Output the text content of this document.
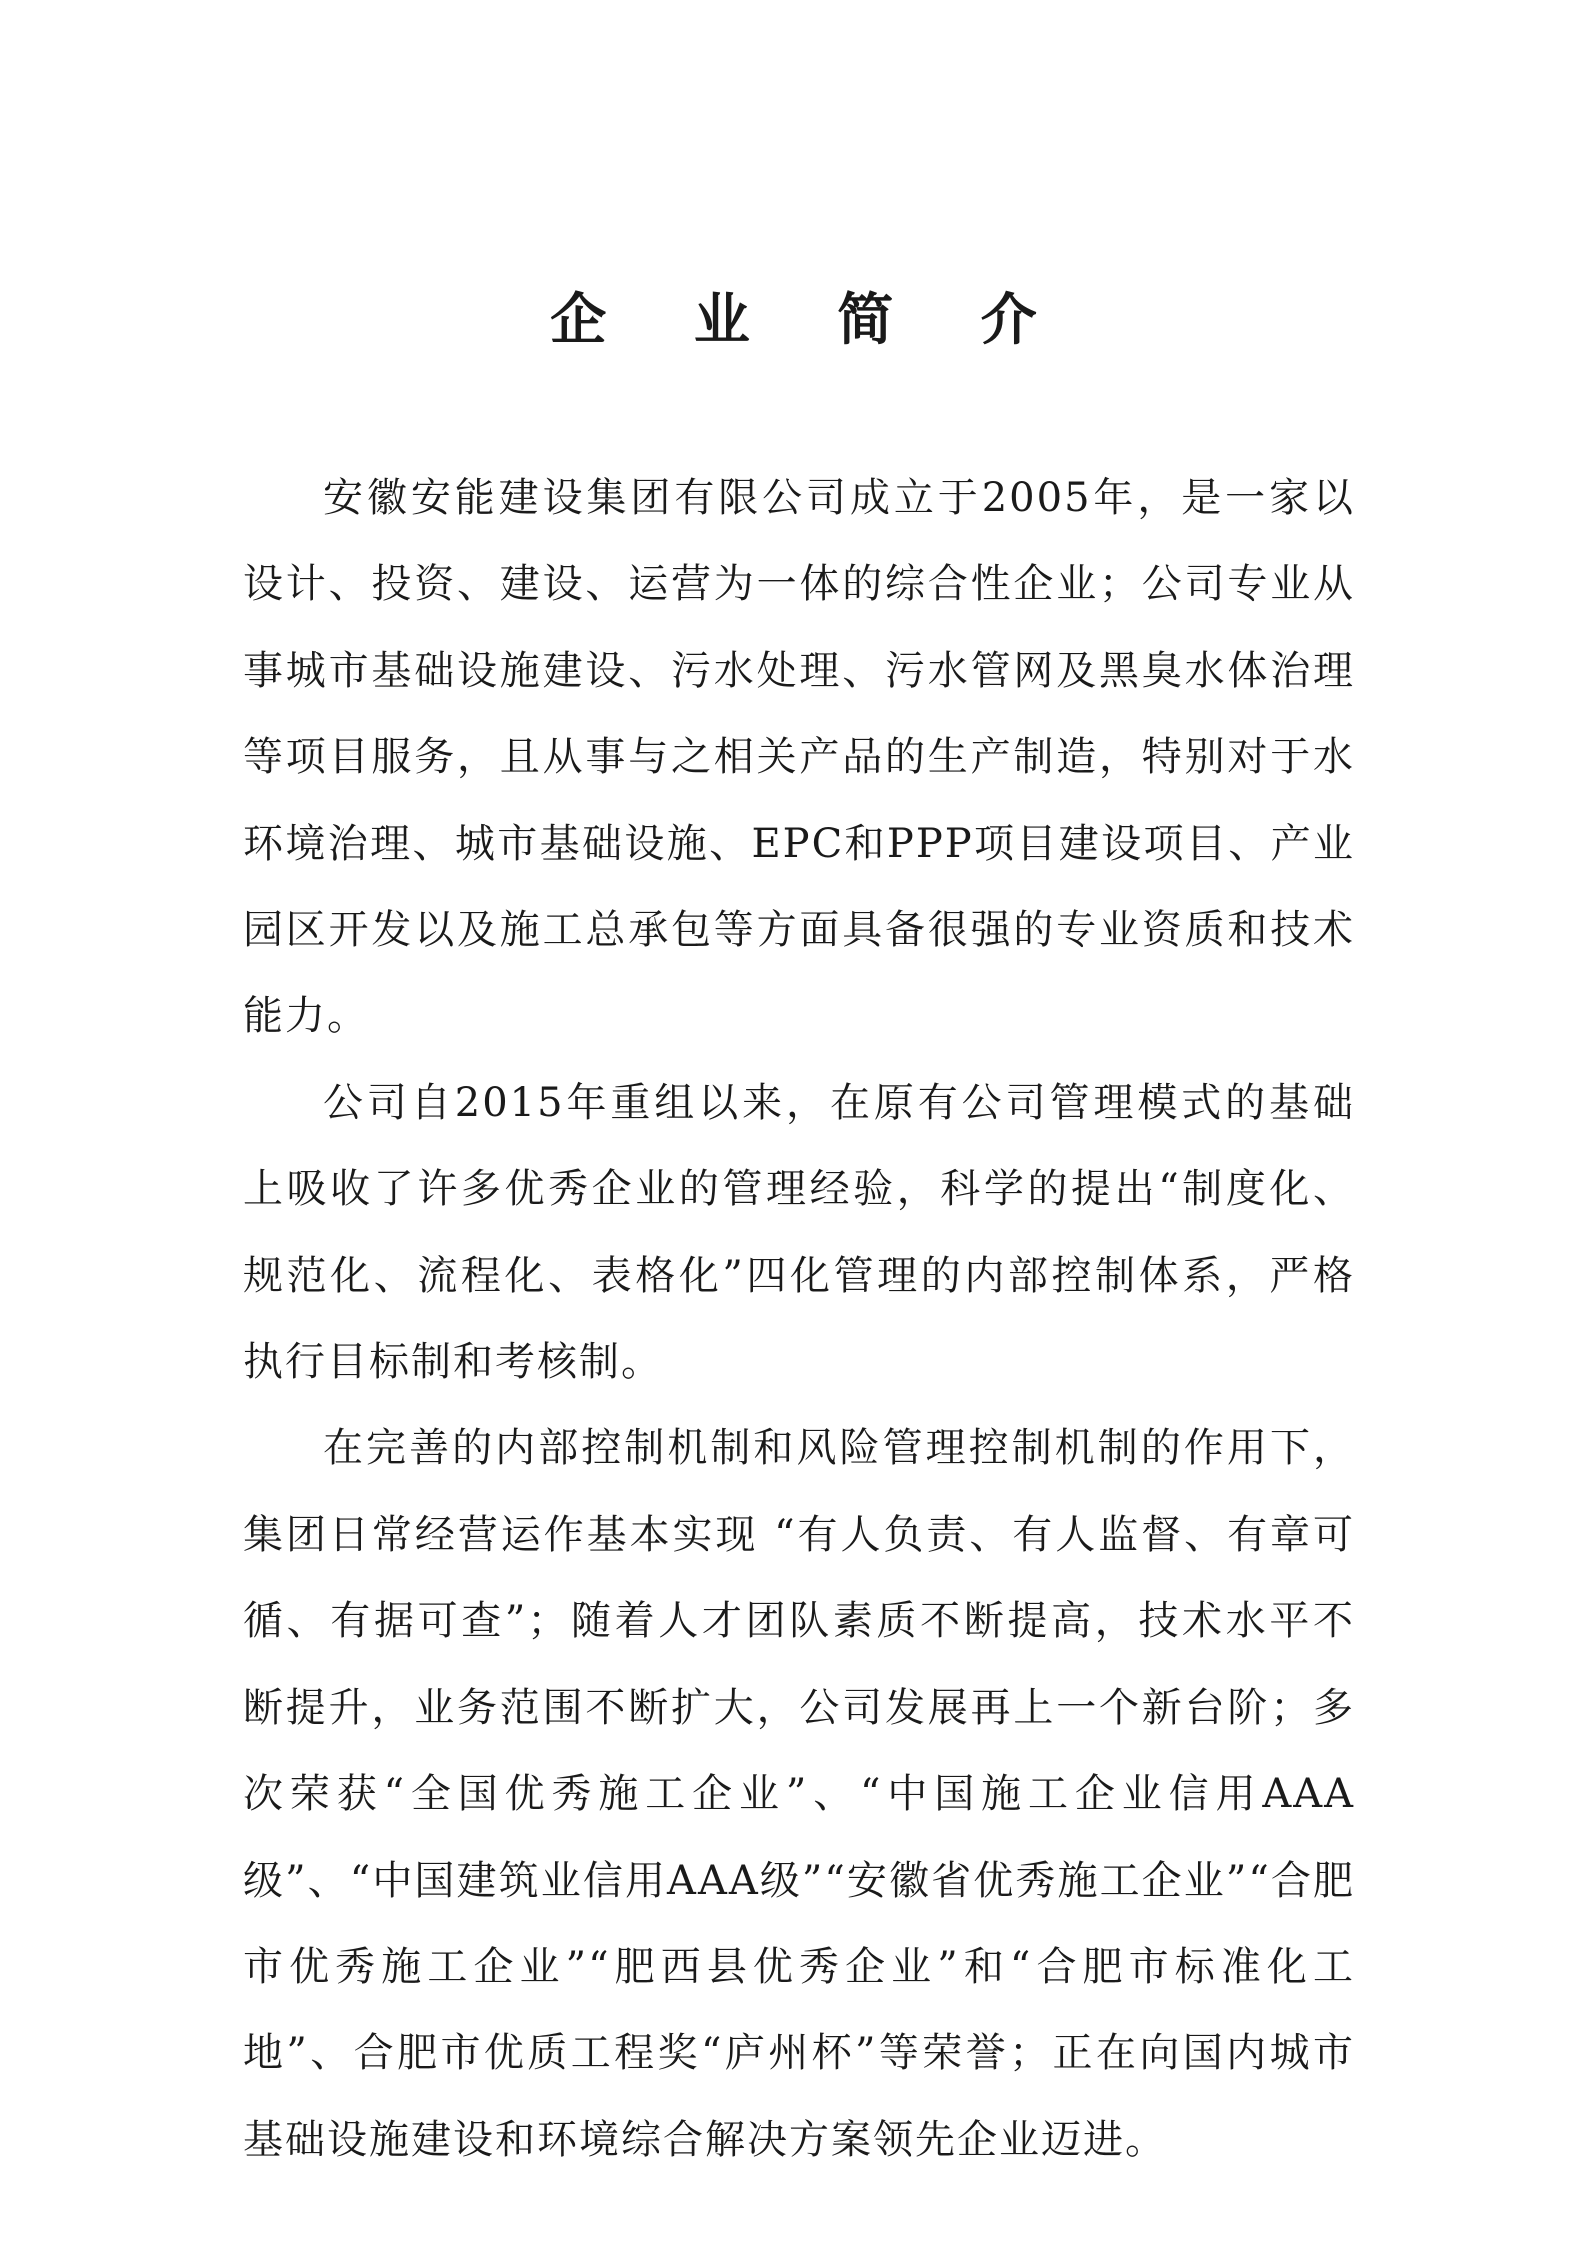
企 业 简 介

安徽安能建设集团有限公司成立于2005年，是一家以设计、投资、建设、运营为一体的综合性企业；公司专业从事城市基础设施建设、污水处理、污水管网及黑臭水体治理等项目服务，且从事与之相关产品的生产制造，特别对于水环境治理、城市基础设施、EPC和PPP项目建设项目、产业园区开发以及施工总承包等方面具备很强的专业资质和技术能力。

公司自2015年重组以来，在原有公司管理模式的基础上吸收了许多优秀企业的管理经验，科学的提出“制度化、规范化、流程化、表格化”四化管理的内部控制体系，严格执行目标制和考核制。

在完善的内部控制机制和风险管理控制机制的作用下，集团日常经营运作基本实现 “有人负责、有人监督、有章可循、有据可查”；随着人才团队素质不断提高，技术水平不断提升，业务范围不断扩大，公司发展再上一个新台阶；多次荣获“全国优秀施工企业”、“中国施工企业信用AAA级”、“中国建筑业信用AAA级”“安徽省优秀施工企业”“合肥市优秀施工企业”“肥西县优秀企业”和“合肥市标准化工地”、合肥市优质工程奖“庐州杯”等荣誉；正在向国内城市基础设施建设和环境综合解决方案领先企业迈进。
